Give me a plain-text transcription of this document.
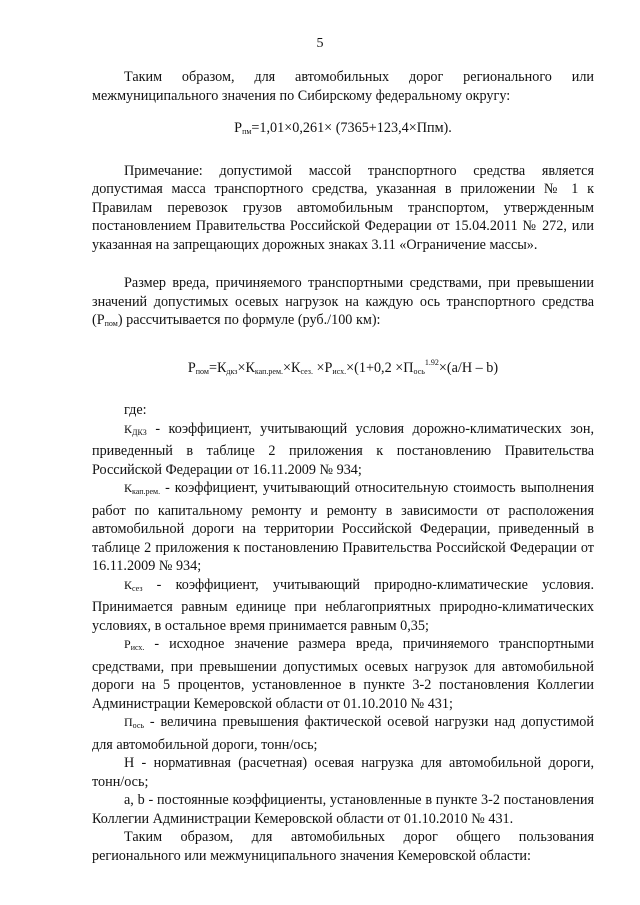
5

Таким образом, для автомобильных дорог регионального или межмуниципального значения по Сибирскому федеральному округу:

$Р_{пм}=1,01\times 0,261\times (7365+123,4\times Ппм)$.

Примечание: допустимой массой транспортного средства является допустимая масса транспортного средства, указанная в приложении № 1 к Правилам перевозок грузов автомобильным транспортом, утвержденным постановлением Правительства Российской Федерации от 15.04.2011 № 272, или указанная на запрещающих дорожных знаках 3.11 «Ограничение массы».

Размер вреда, причиняемого транспортными средствами, при превышении значений допустимых осевых нагрузок на каждую ось транспортного средства $(Р_{пом})$ рассчитывается по формуле (руб./100 км):

$Р_{пом}=К_{дкз}\times К_{кап.рем.}\times К_{сез.} \times Р_{исх.}\times(1+0,2 \times П_{ось}^{1.92}\times(а/Н - b)$

где:

$К_{ДКЗ}$ - коэффициент, учитывающий условия дорожно-климатических зон, приведенный в таблице 2 приложения к постановлению Правительства Российской Федерации от 16.11.2009 № 934;

$К_{кап.рем.}$ - коэффициент, учитывающий относительную стоимость выполнения работ по капитальному ремонту и ремонту в зависимости от расположения автомобильной дороги на территории Российской Федерации, приведенный в таблице 2 приложения к постановлению Правительства Российской Федерации от 16.11.2009 № 934;

$К_{сез}$ - коэффициент, учитывающий природно-климатические условия. Принимается равным единице при неблагоприятных природно-климатических условиях, в остальное время принимается равным 0,35;

$Р_{исх.}$ - исходное значение размера вреда, причиняемого транспортными средствами, при превышении допустимых осевых нагрузок для автомобильной дороги на 5 процентов, установленное в пункте 3-2 постановления Коллегии Администрации Кемеровской области от 01.10.2010 № 431;

$П_{ось}$ - величина превышения фактической осевой нагрузки над допустимой для автомобильной дороги, тонн/ось;

Н - нормативная (расчетная) осевая нагрузка для автомобильной дороги, тонн/ось;

а, b - постоянные коэффициенты, установленные в пункте 3-2 постановления Коллегии Администрации Кемеровской области от 01.10.2010 № 431.

Таким образом, для автомобильных дорог общего пользования регионального или межмуниципального значения Кемеровской области:
